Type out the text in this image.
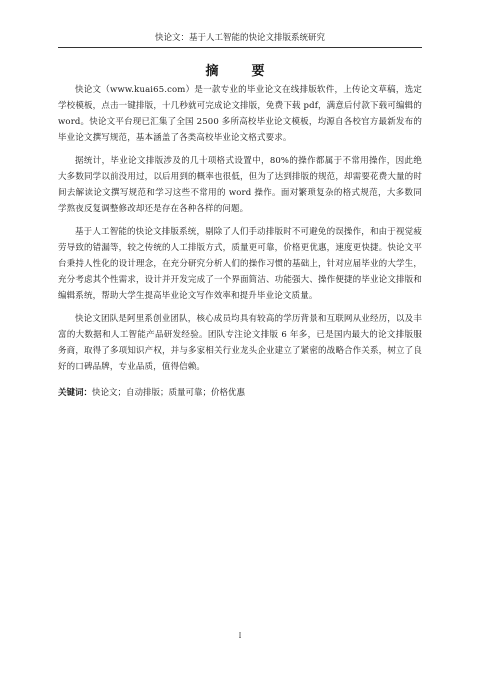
快论文：基于人工智能的快论文排版系统研究
摘　要

快论文（www.kuai65.com）是一款专业的毕业论文在线排版软件，上传论文草稿，选定学校模板，点击一键排版，十几秒就可完成论文排版，免费下载 pdf，满意后付款下载可编辑的 word。快论文平台现已汇集了全国 2500 多所高校毕业论文模板，均源自各校官方最新发布的毕业论文撰写规范，基本涵盖了各类高校毕业论文格式要求。

据统计，毕业论文排版涉及的几十项格式设置中，80%的操作都属于不常用操作，因此绝大多数同学以前没用过，以后用到的概率也很低，但为了达到排版的规范，却需要花费大量的时间去解读论文撰写规范和学习这些不常用的 word 操作。面对繁琐复杂的格式规范，大多数同学熬夜反复调整修改却还是存在各种各样的问题。

基于人工智能的快论文排版系统，剔除了人们手动排版时不可避免的误操作，和由于视觉疲劳导致的错漏等，较之传统的人工排版方式，质量更可靠，价格更优惠，速度更快捷。快论文平台秉持人性化的设计理念，在充分研究分析人们的操作习惯的基础上，针对应届毕业的大学生，充分考虑其个性需求，设计并开发完成了一个界面简洁、功能强大、操作便捷的毕业论文排版和编辑系统，帮助大学生提高毕业论文写作效率和提升毕业论文质量。

快论文团队是阿里系创业团队，核心成员均具有较高的学历背景和互联网从业经历，以及丰富的大数据和人工智能产品研发经验。团队专注论文排版 6 年多，已是国内最大的论文排版服务商，取得了多项知识产权，并与多家相关行业龙头企业建立了紧密的战略合作关系，树立了良好的口碑品牌，专业品质，值得信赖。

关键词：快论文；自动排版；质量可靠；价格优惠
I
